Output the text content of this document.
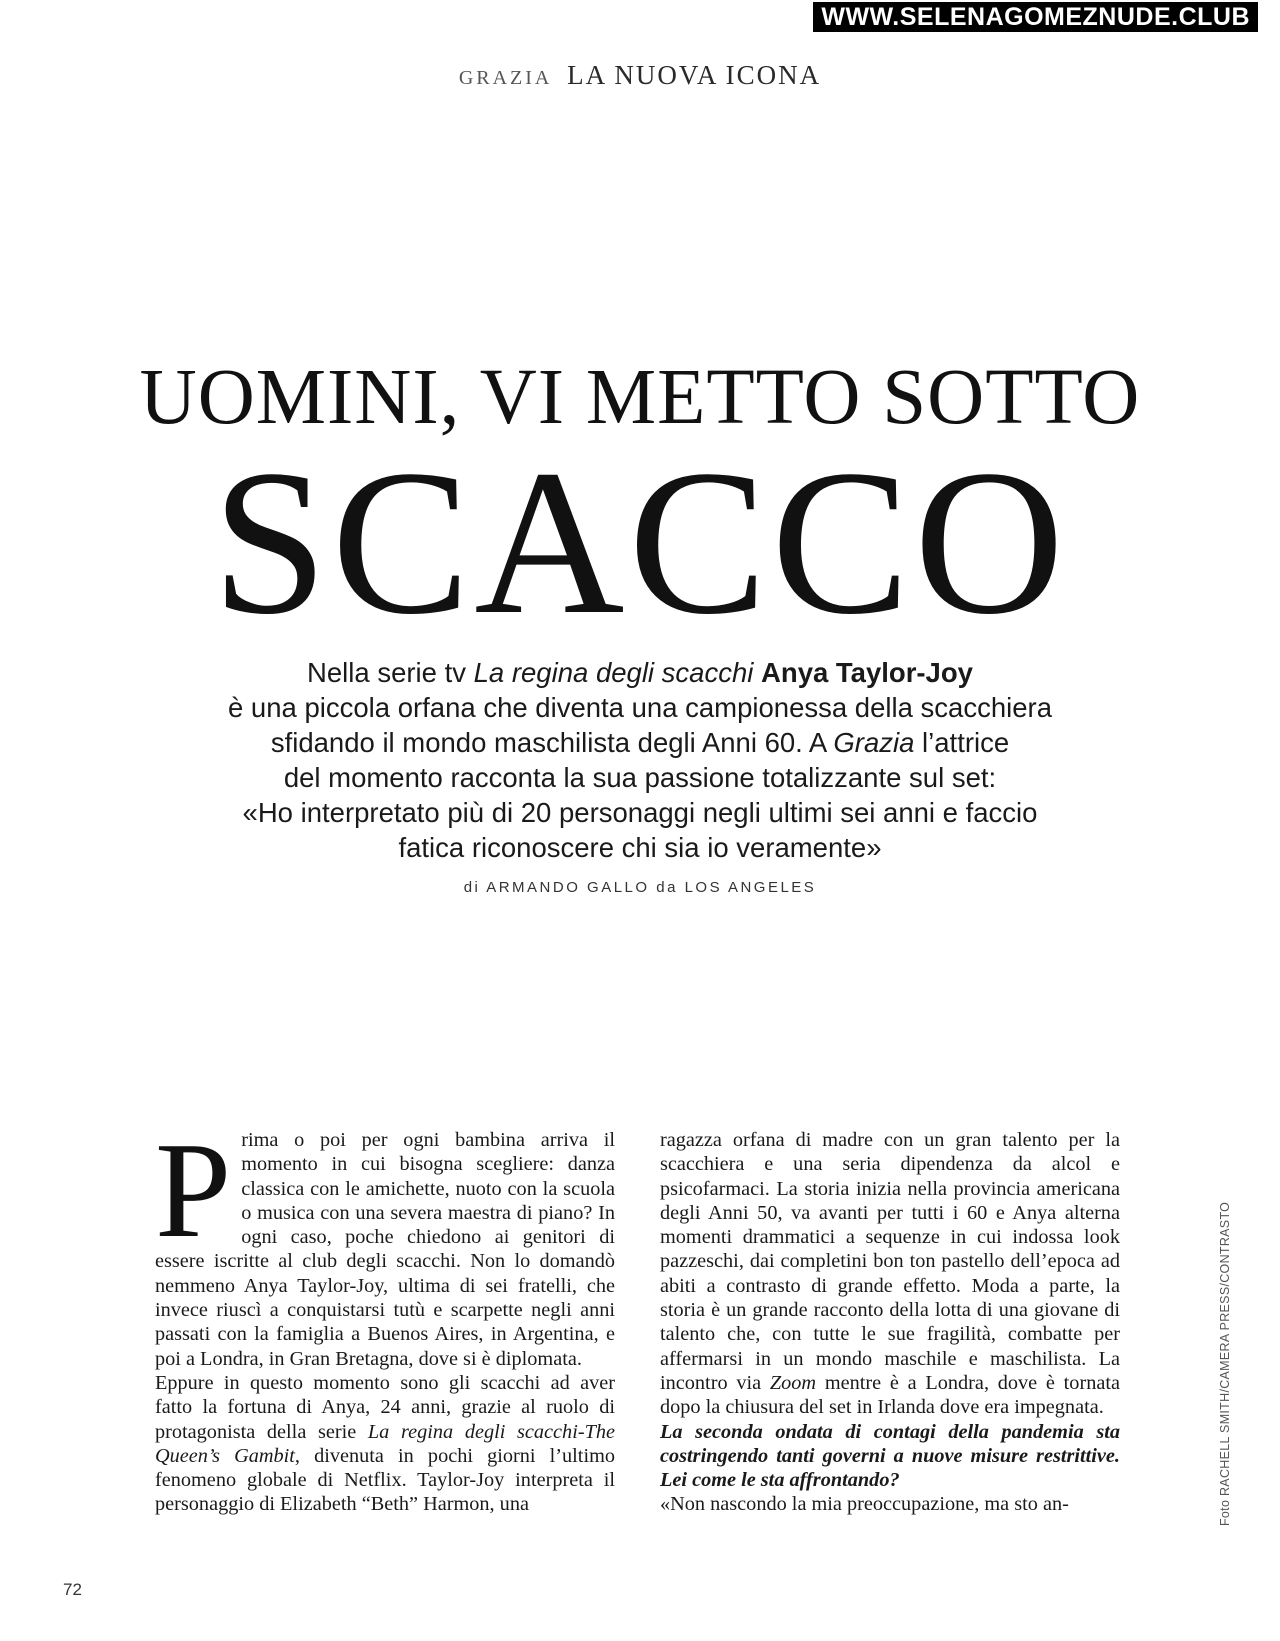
WWW.SELENAGOMEZNUDE.CLUB
GRAZIA LA NUOVA ICONA
UOMINI, VI METTO SOTTO
SCACCO

Nella serie tv La regina degli scacchi Anya Taylor-Joy

è una piccola orfana che diventa una campionessa della scacchiera

sfidando il mondo maschilista degli Anni 60. A Grazia l’attrice

del momento racconta la sua passione totalizzante sul set:

«Ho interpretato più di 20 personaggi negli ultimi sei anni e faccio

fatica riconoscere chi sia io veramente»

di ARMANDO GALLO da LOS ANGELES
P rima o poi per ogni bambina arriva il momento in cui bisogna scegliere: danza classica con le amichette, nuoto con la scuola o musica con una severa maestra di piano? In ogni caso, poche chiedono ai genitori di essere iscritte al club degli scacchi. Non lo domandò nemmeno Anya Taylor-Joy, ultima di sei fratelli, che invece riuscì a conquistarsi tutù e scarpette negli anni passati con la famiglia a Buenos Aires, in Argentina, e poi a Londra, in Gran Bretagna, dove si è diplomata.

Eppure in questo momento sono gli scacchi ad aver fatto la fortuna di Anya, 24 anni, grazie al ruolo di protagonista della serie La regina degli scacchi-The Queen’s Gambit, divenuta in pochi giorni l’ultimo fenomeno globale di Netflix. Taylor-Joy interpreta il personaggio di Elizabeth “Beth” Harmon, una

ragazza orfana di madre con un gran talento per la scacchiera e una seria dipendenza da alcol e psicofarmaci. La storia inizia nella provincia americana degli Anni 50, va avanti per tutti i 60 e Anya alterna momenti drammatici a sequenze in cui indossa look pazzeschi, dai completini bon ton pastello dell’epoca ad abiti a contrasto di grande effetto. Moda a parte, la storia è un grande racconto della lotta di una giovane di talento che, con tutte le sue fragilità, combatte per affermarsi in un mondo maschile e maschilista. La incontro via Zoom mentre è a Londra, dove è tornata dopo la chiusura del set in Irlanda dove era impegnata.

La seconda ondata di contagi della pandemia sta costringendo tanti governi a nuove misure restrittive. Lei come le sta affrontando?

«Non nascondo la mia preoccupazione, ma sto an-	Foto RACHELL SMITH/CAMERA PRESS/CONTRASTO
72
